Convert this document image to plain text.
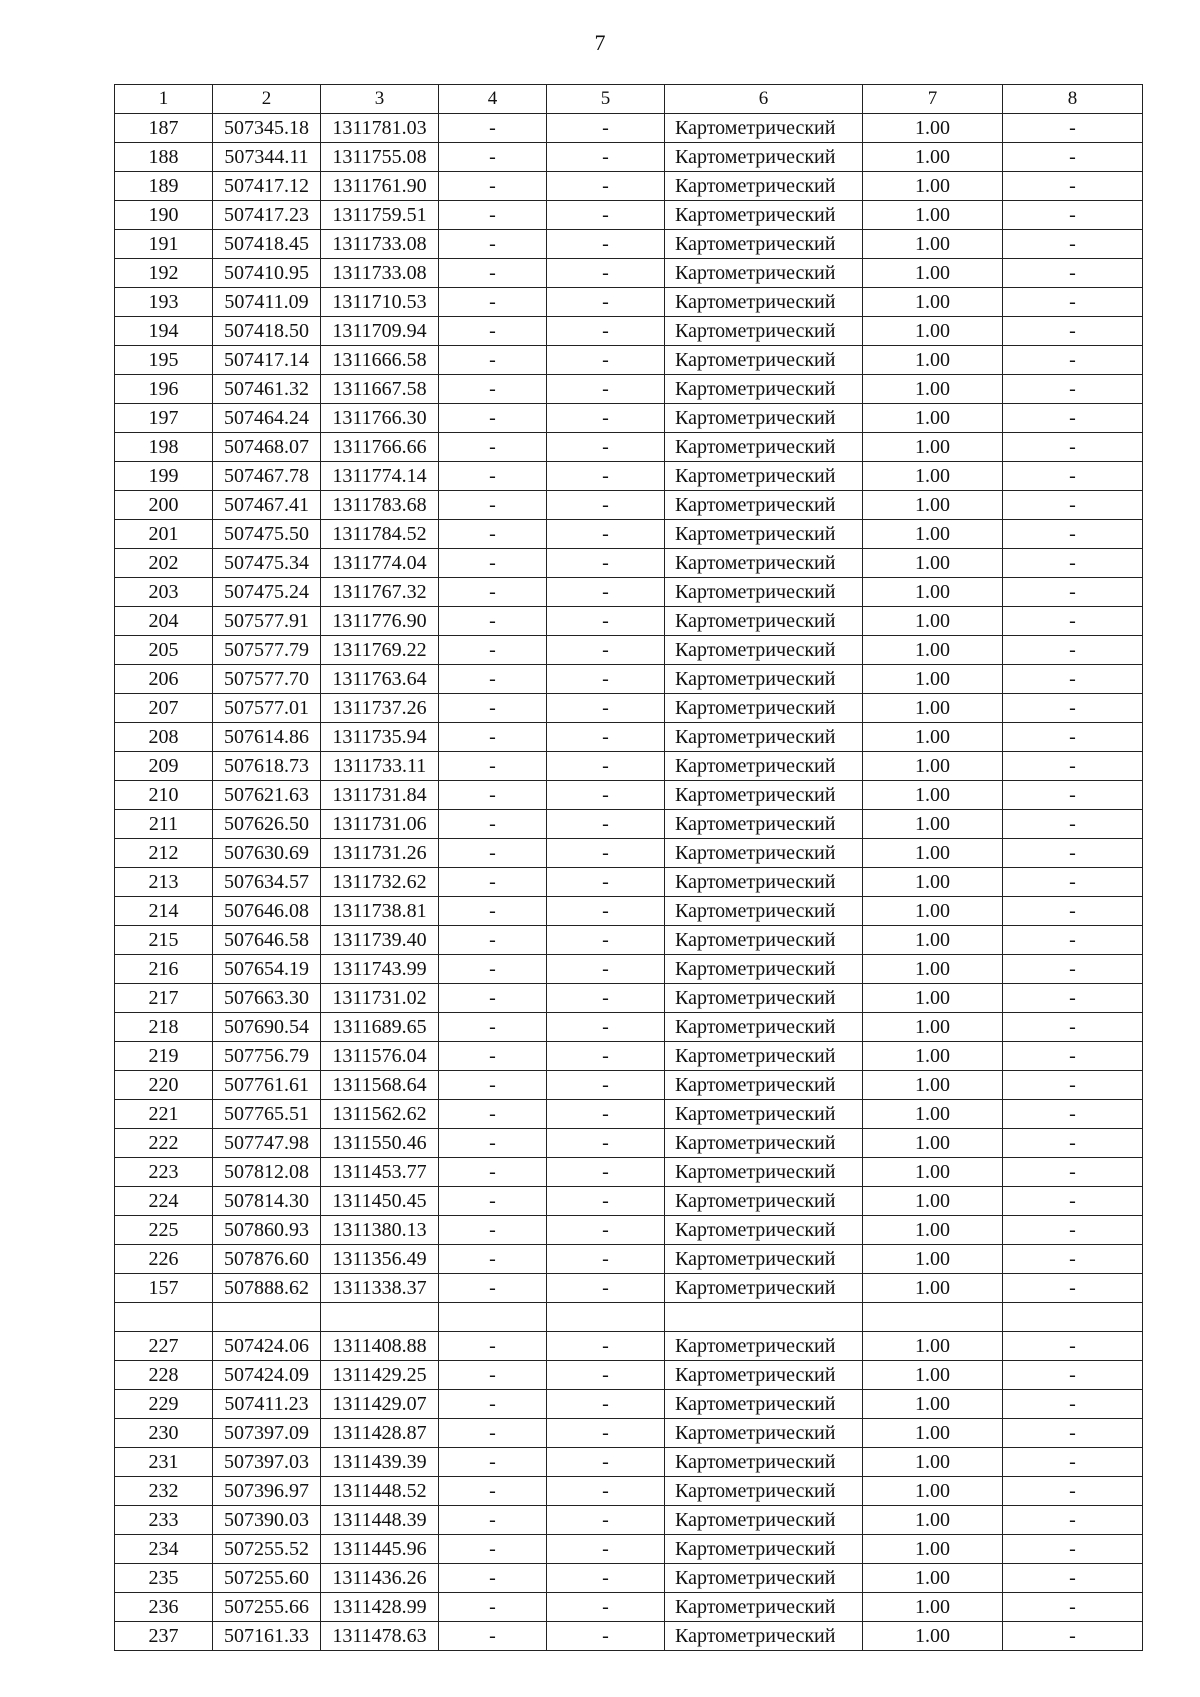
7
1	2	3	4	5	6	7	8
187	507345.18	1311781.03	-	-	Картометрический	1.00	-
188	507344.11	1311755.08	-	-	Картометрический	1.00	-
189	507417.12	1311761.90	-	-	Картометрический	1.00	-
190	507417.23	1311759.51	-	-	Картометрический	1.00	-
191	507418.45	1311733.08	-	-	Картометрический	1.00	-
192	507410.95	1311733.08	-	-	Картометрический	1.00	-
193	507411.09	1311710.53	-	-	Картометрический	1.00	-
194	507418.50	1311709.94	-	-	Картометрический	1.00	-
195	507417.14	1311666.58	-	-	Картометрический	1.00	-
196	507461.32	1311667.58	-	-	Картометрический	1.00	-
197	507464.24	1311766.30	-	-	Картометрический	1.00	-
198	507468.07	1311766.66	-	-	Картометрический	1.00	-
199	507467.78	1311774.14	-	-	Картометрический	1.00	-
200	507467.41	1311783.68	-	-	Картометрический	1.00	-
201	507475.50	1311784.52	-	-	Картометрический	1.00	-
202	507475.34	1311774.04	-	-	Картометрический	1.00	-
203	507475.24	1311767.32	-	-	Картометрический	1.00	-
204	507577.91	1311776.90	-	-	Картометрический	1.00	-
205	507577.79	1311769.22	-	-	Картометрический	1.00	-
206	507577.70	1311763.64	-	-	Картометрический	1.00	-
207	507577.01	1311737.26	-	-	Картометрический	1.00	-
208	507614.86	1311735.94	-	-	Картометрический	1.00	-
209	507618.73	1311733.11	-	-	Картометрический	1.00	-
210	507621.63	1311731.84	-	-	Картометрический	1.00	-
211	507626.50	1311731.06	-	-	Картометрический	1.00	-
212	507630.69	1311731.26	-	-	Картометрический	1.00	-
213	507634.57	1311732.62	-	-	Картометрический	1.00	-
214	507646.08	1311738.81	-	-	Картометрический	1.00	-
215	507646.58	1311739.40	-	-	Картометрический	1.00	-
216	507654.19	1311743.99	-	-	Картометрический	1.00	-
217	507663.30	1311731.02	-	-	Картометрический	1.00	-
218	507690.54	1311689.65	-	-	Картометрический	1.00	-
219	507756.79	1311576.04	-	-	Картометрический	1.00	-
220	507761.61	1311568.64	-	-	Картометрический	1.00	-
221	507765.51	1311562.62	-	-	Картометрический	1.00	-
222	507747.98	1311550.46	-	-	Картометрический	1.00	-
223	507812.08	1311453.77	-	-	Картометрический	1.00	-
224	507814.30	1311450.45	-	-	Картометрический	1.00	-
225	507860.93	1311380.13	-	-	Картометрический	1.00	-
226	507876.60	1311356.49	-	-	Картометрический	1.00	-
157	507888.62	1311338.37	-	-	Картометрический	1.00	-

227	507424.06	1311408.88	-	-	Картометрический	1.00	-
228	507424.09	1311429.25	-	-	Картометрический	1.00	-
229	507411.23	1311429.07	-	-	Картометрический	1.00	-
230	507397.09	1311428.87	-	-	Картометрический	1.00	-
231	507397.03	1311439.39	-	-	Картометрический	1.00	-
232	507396.97	1311448.52	-	-	Картометрический	1.00	-
233	507390.03	1311448.39	-	-	Картометрический	1.00	-
234	507255.52	1311445.96	-	-	Картометрический	1.00	-
235	507255.60	1311436.26	-	-	Картометрический	1.00	-
236	507255.66	1311428.99	-	-	Картометрический	1.00	-
237	507161.33	1311478.63	-	-	Картометрический	1.00	-
